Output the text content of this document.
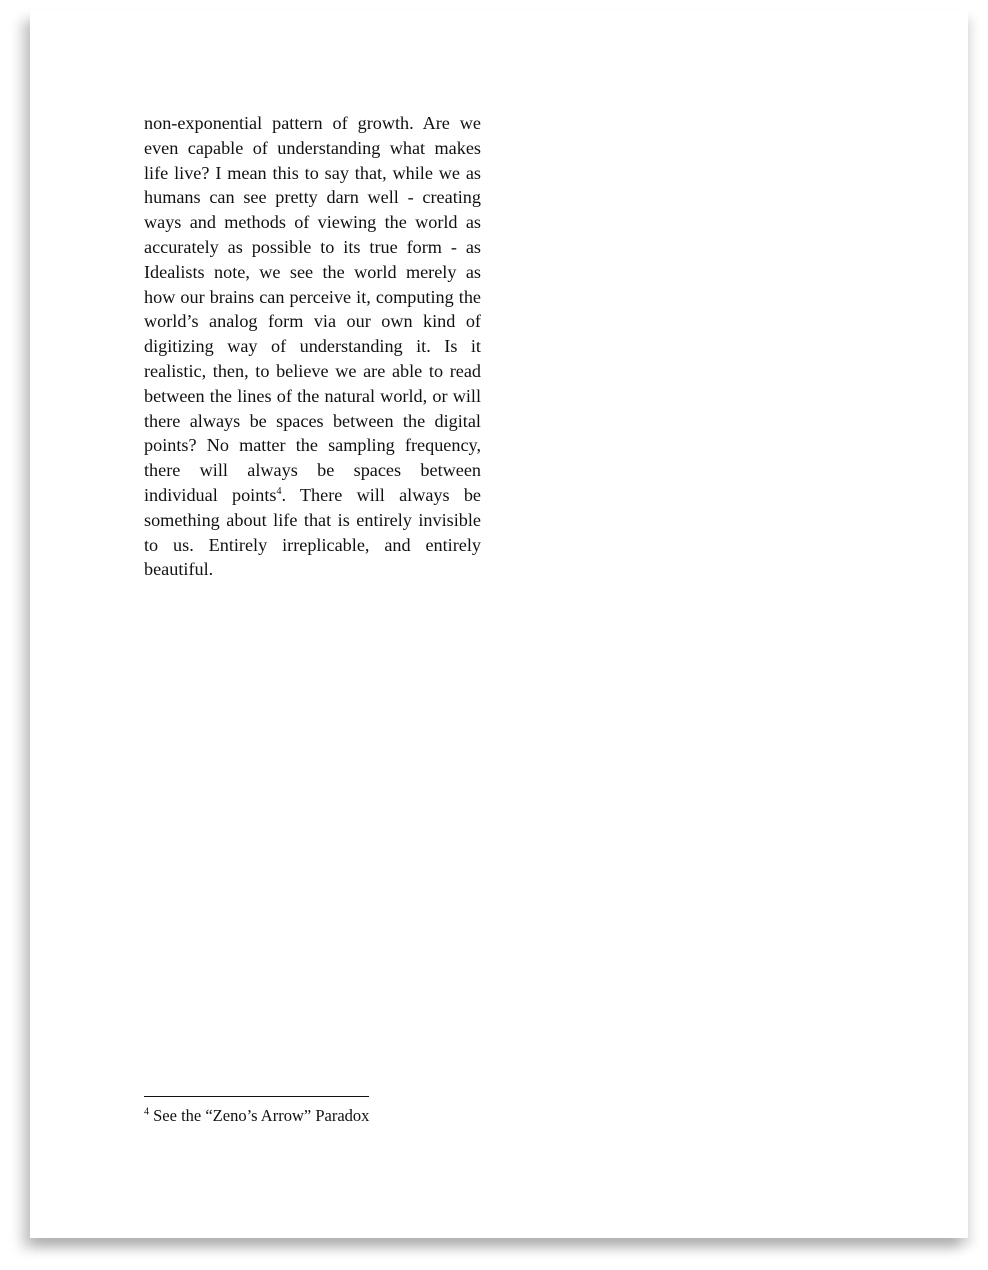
non-exponential pattern of growth. Are we even capable of understanding what makes life live? I mean this to say that, while we as humans can see pretty darn well - creating ways and methods of viewing the world as accurately as possible to its true form - as Idealists note, we see the world merely as how our brains can perceive it, computing the world’s analog form via our own kind of digitizing way of understanding it. Is it realistic, then, to believe we are able to read between the lines of the natural world, or will there always be spaces between the digital points? No matter the sampling frequency, there will always be spaces between individual points$^4$. There will always be something about life that is entirely invisible to us. Entirely irreplicable, and entirely beautiful.

$^4$ See the “Zeno’s Arrow” Paradox
